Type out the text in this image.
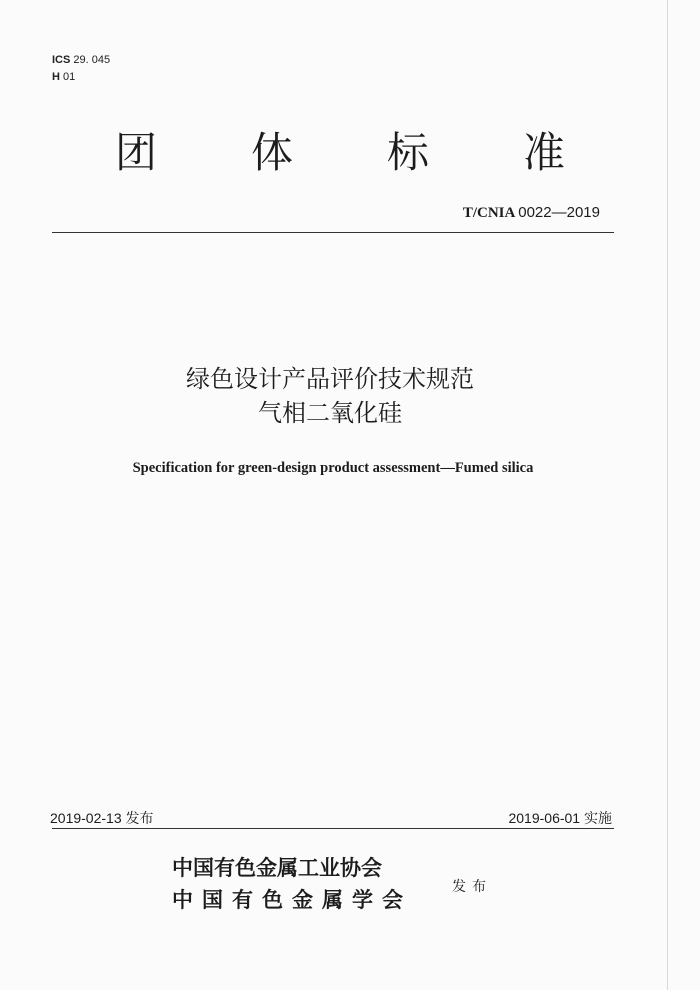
ICS 29. 045
H 01
团 体 标 准
T/CNIA 0022—2019
绿色设计产品评价技术规范
气相二氧化硅
Specification for green-design product assessment—Fumed silica
2019-02-13 发布	2019-06-01 实施
中国有色金属工业协会
中国有色金属学会	发布
